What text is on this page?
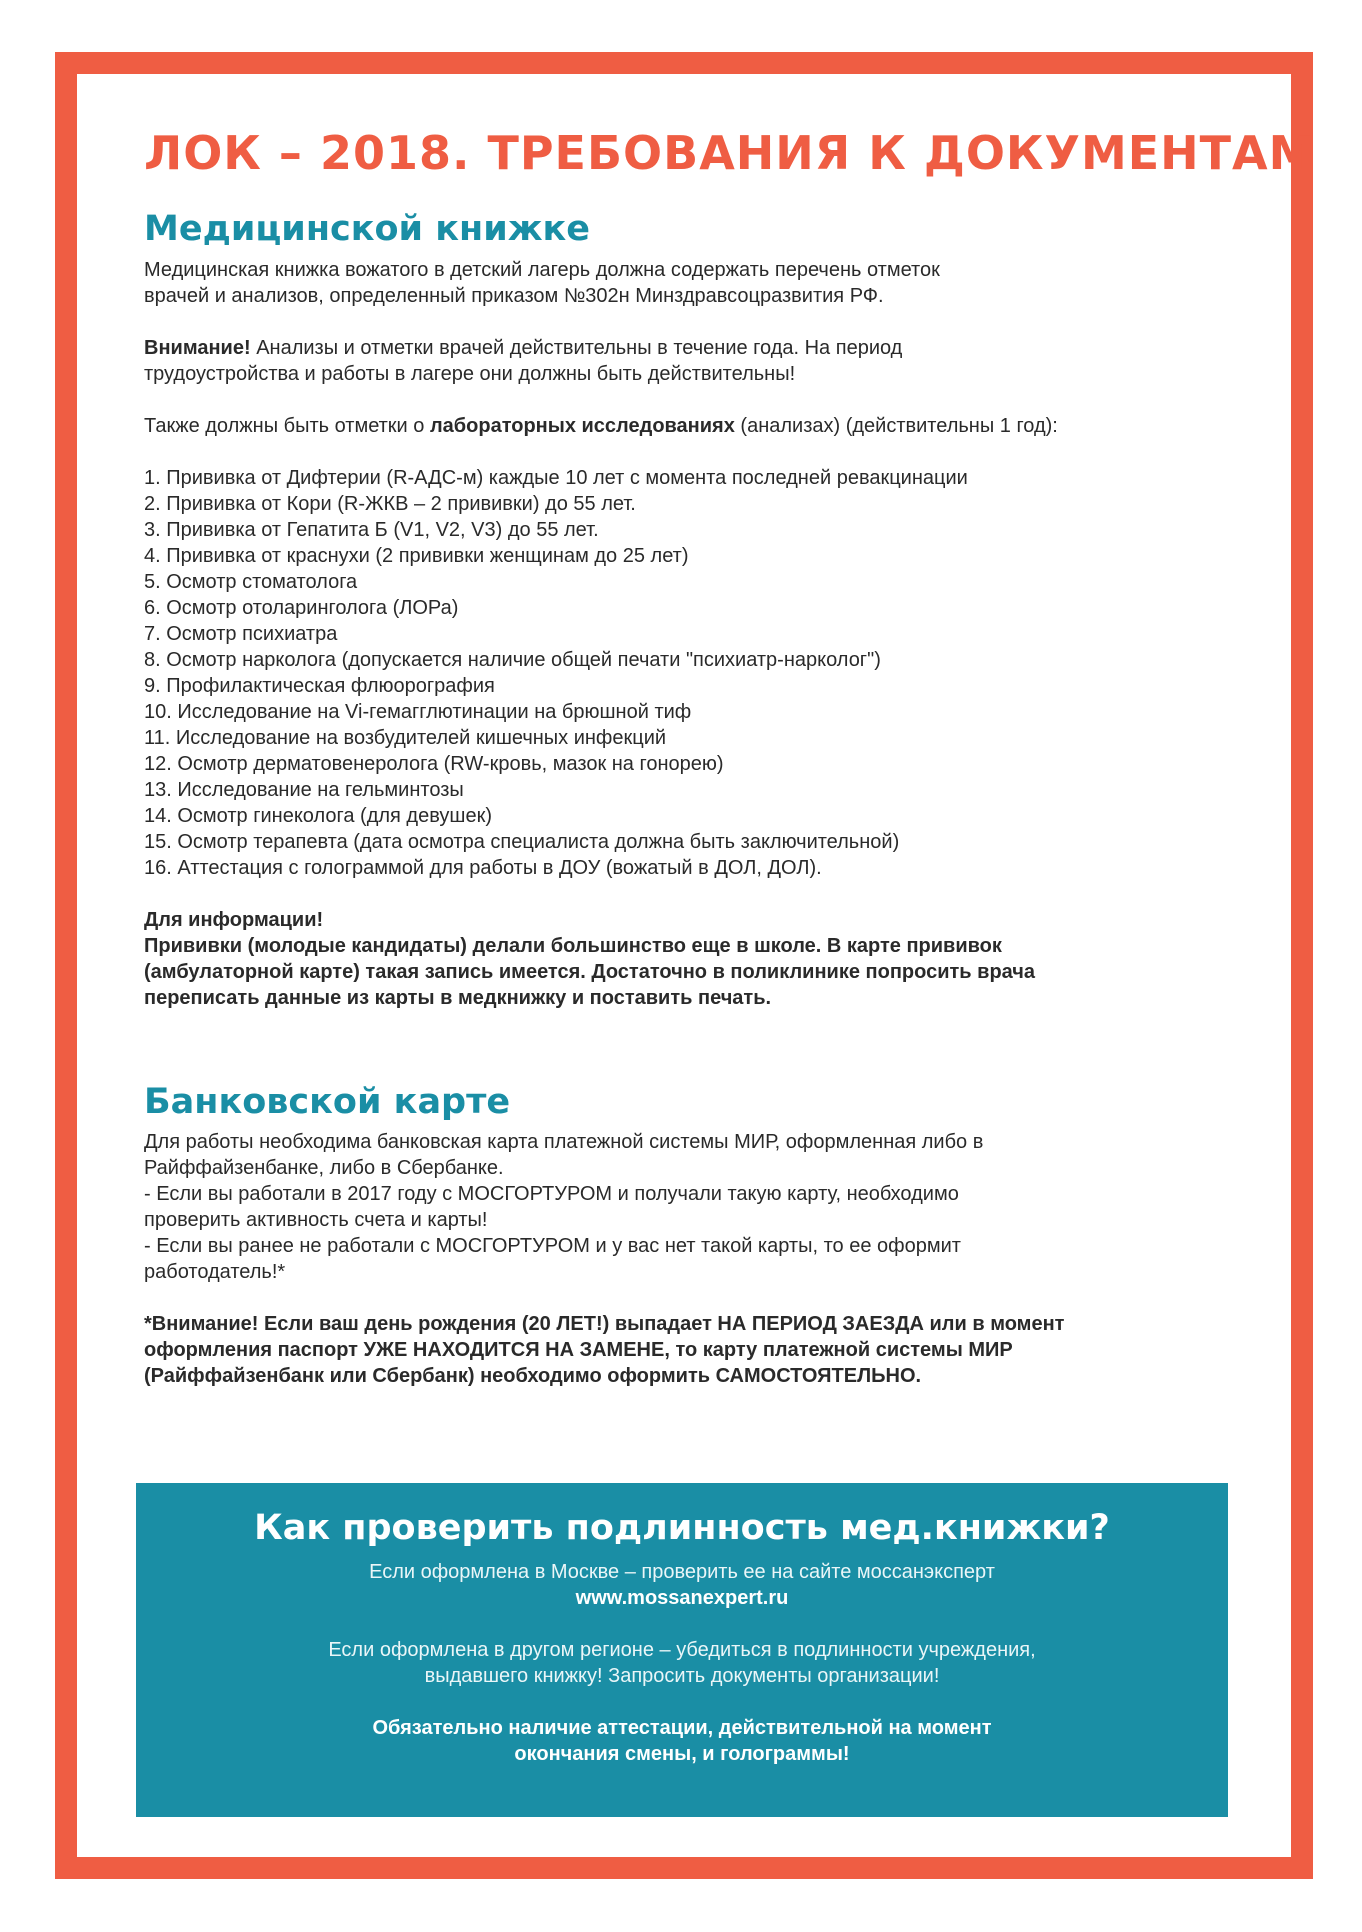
ЛОК – 2018. ТРЕБОВАНИЯ К ДОКУМЕНТАМ
Медицинской книжке
Медицинская книжка вожатого в детский лагерь должна содержать перечень отметок
врачей и анализов, определенный приказом №302н Минздравсоцразвития РФ.
Внимание! Анализы и отметки врачей действительны в течение года. На период
трудоустройства и работы в лагере они должны быть действительны!
Также должны быть отметки о лабораторных исследованиях (анализах) (действительны 1 год):
1. Прививка от Дифтерии (R-АДС-м) каждые 10 лет с момента последней ревакцинации
2. Прививка от Кори (R-ЖКВ – 2 прививки) до 55 лет.
3. Прививка от Гепатита Б (V1, V2, V3) до 55 лет.
4. Прививка от краснухи (2 прививки женщинам до 25 лет)
5. Осмотр стоматолога
6. Осмотр отоларинголога (ЛОРа)
7. Осмотр психиатра
8. Осмотр нарколога (допускается наличие общей печати "психиатр-нарколог")
9. Профилактическая флюорография
10. Исследование на Vi-гемагглютинации на брюшной тиф
11. Исследование на возбудителей кишечных инфекций
12. Осмотр дерматовенеролога (RW-кровь, мазок на гонорею)
13. Исследование на гельминтозы
14. Осмотр гинеколога (для девушек)
15. Осмотр терапевта (дата осмотра специалиста должна быть заключительной)
16. Аттестация с голограммой для работы в ДОУ (вожатый в ДОЛ, ДОЛ).
Для информации!
Прививки (молодые кандидаты) делали большинство еще в школе. В карте прививок
(амбулаторной карте) такая запись имеется. Достаточно в поликлинике попросить врача
переписать данные из карты в медкнижку и поставить печать.
Банковской карте
Для работы необходима банковская карта платежной системы МИР, оформленная либо в
Райффайзенбанке, либо в Сбербанке.
- Если вы работали в 2017 году с МОСГОРТУРОМ и получали такую карту, необходимо
проверить активность счета и карты!
- Если вы ранее не работали с МОСГОРТУРОМ и у вас нет такой карты, то ее оформит
работодатель!*
*Внимание! Если ваш день рождения (20 ЛЕТ!) выпадает НА ПЕРИОД ЗАЕЗДА или в момент
оформления паспорт УЖЕ НАХОДИТСЯ НА ЗАМЕНЕ, то карту платежной системы МИР
(Райффайзенбанк или Сбербанк) необходимо оформить САМОСТОЯТЕЛЬНО.
Как проверить подлинность мед.книжки?
Если оформлена в Москве – проверить ее на сайте моссанэксперт
www.mossanexpert.ru
Если оформлена в другом регионе – убедиться в подлинности учреждения,
выдавшего книжку! Запросить документы организации!
Обязательно наличие аттестации, действительной на момент
окончания смены, и голограммы!
